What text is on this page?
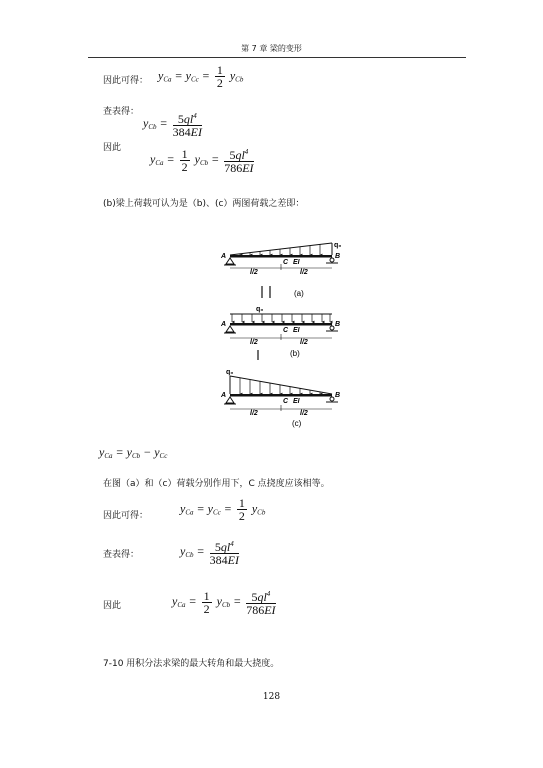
第 7 章 梁的变形
因此可得： $y_{Ca} = y_{Cc} = \frac{1}{2} y_{Cb}$
查表得：
$y_{Cb} = \frac{5ql^4}{384EI}$
因此
$y_{Ca} = \frac{1}{2} y_{Cb} = \frac{5ql^4}{786EI}$
(b)梁上荷载可认为是（b)、(c）两图荷载之差即：
q₀
A	B
C EI
l/2	l/2
(a)
q₀
A	B
C EI
l/2	l/2
(b)
q₀
A	B
C EI
l/2	l/2
(c)
$y_{Ca} = y_{Cb} - y_{Cc}$
在图（a）和（c）荷载分别作用下，C 点挠度应该相等。
因此可得：
$y_{Ca} = y_{Cc} = \frac{1}{2} y_{Cb}$
查表得：	$y_{Cb} = \frac{5ql^4}{384EI}$
因此	$y_{Ca} = \frac{1}{2} y_{Cb} = \frac{5ql^4}{786EI}$
7-10 用积分法求梁的最大转角和最大挠度。
128
